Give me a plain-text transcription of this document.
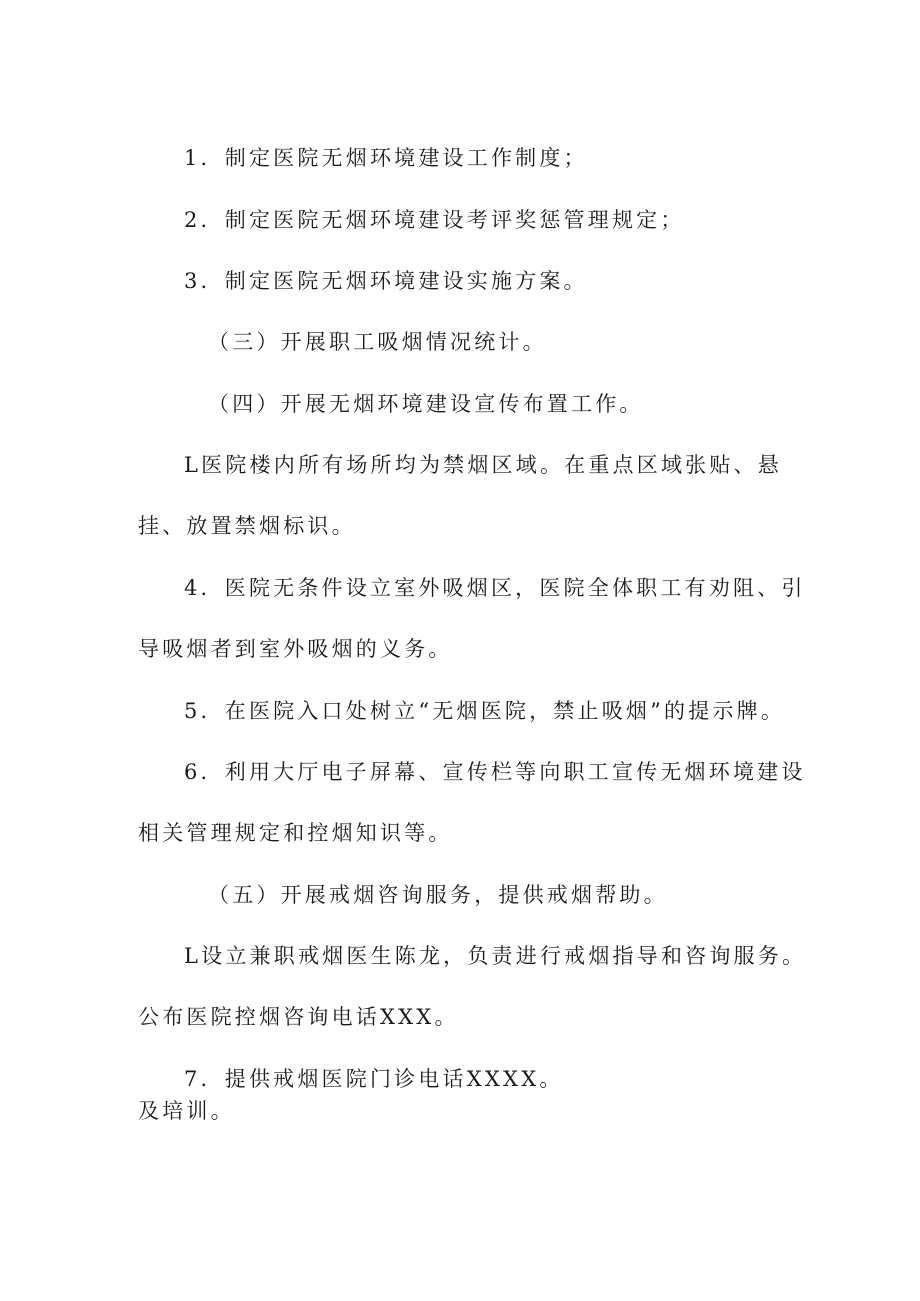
1．制定医院无烟环境建设工作制度；

2．制定医院无烟环境建设考评奖惩管理规定；

3．制定医院无烟环境建设实施方案。

（三）开展职工吸烟情况统计。

（四）开展无烟环境建设宣传布置工作。

L医院楼内所有场所均为禁烟区域。在重点区域张贴、悬

挂、放置禁烟标识。

4．医院无条件设立室外吸烟区，医院全体职工有劝阻、引

导吸烟者到室外吸烟的义务。

5．在医院入口处树立“无烟医院，禁止吸烟”的提示牌。

6．利用大厅电子屏幕、宣传栏等向职工宣传无烟环境建设

相关管理规定和控烟知识等。

（五）开展戒烟咨询服务，提供戒烟帮助。

L设立兼职戒烟医生陈龙，负责进行戒烟指导和咨询服务。

公布医院控烟咨询电话XXX。

7．提供戒烟医院门诊电话XXXX。

及培训。
